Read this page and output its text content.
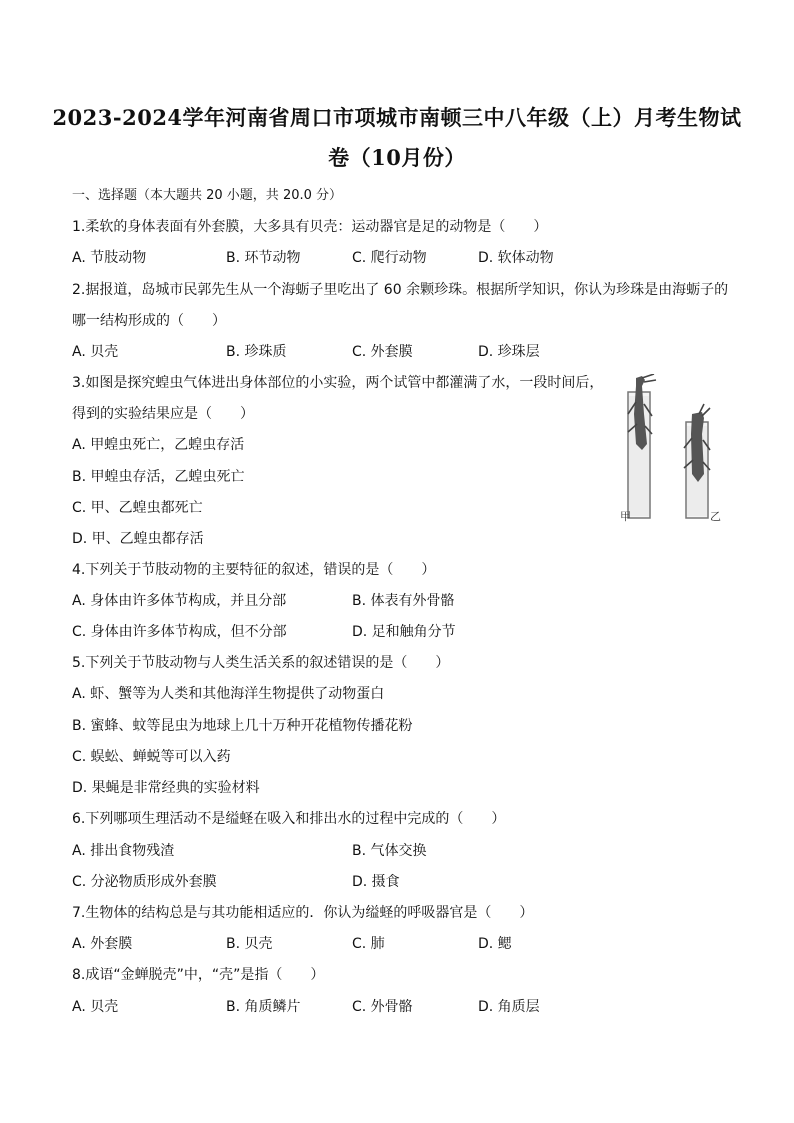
2023-2024学年河南省周口市项城市南顿三中八年级（上）月考生物试
卷（10月份）
一、选择题（本大题共 20 小题，共 20.0 分）
1.柔软的身体表面有外套膜，大多具有贝壳：运动器官是足的动物是（　　）
A. 节肢动物	B. 环节动物	C. 爬行动物	D. 软体动物
2.据报道，岛城市民郭先生从一个海蛎子里吃出了 60 余颗珍珠。根据所学知识，你认为珍珠是由海蛎子的
哪一结构形成的（　　）
A. 贝壳	B. 珍珠质	C. 外套膜	D. 珍珠层
3.如图是探究蝗虫气体进出身体部位的小实验，两个试管中都灌满了水，一段时间后，
得到的实验结果应是（　　）
A. 甲蝗虫死亡，乙蝗虫存活
B. 甲蝗虫存活，乙蝗虫死亡
C. 甲、乙蝗虫都死亡
D. 甲、乙蝗虫都存活
甲	乙
4.下列关于节肢动物的主要特征的叙述，错误的是（　　）
A. 身体由许多体节构成，并且分部	B. 体表有外骨骼
C. 身体由许多体节构成，但不分部	D. 足和触角分节
5.下列关于节肢动物与人类生活关系的叙述错误的是（　　）
A. 虾、蟹等为人类和其他海洋生物提供了动物蛋白
B. 蜜蜂、蚊等昆虫为地球上几十万种开花植物传播花粉
C. 蜈蚣、蝉蜕等可以入药
D. 果蝇是非常经典的实验材料
6.下列哪项生理活动不是缢蛏在吸入和排出水的过程中完成的（　　）
A. 排出食物残渣	B. 气体交换
C. 分泌物质形成外套膜	D. 摄食
7.生物体的结构总是与其功能相适应的．你认为缢蛏的呼吸器官是（　　）
A. 外套膜	B. 贝壳	C. 肺	D. 鳃
8.成语“金蝉脱壳”中，“壳”是指（　　）
A. 贝壳	B. 角质鳞片	C. 外骨骼	D. 角质层
